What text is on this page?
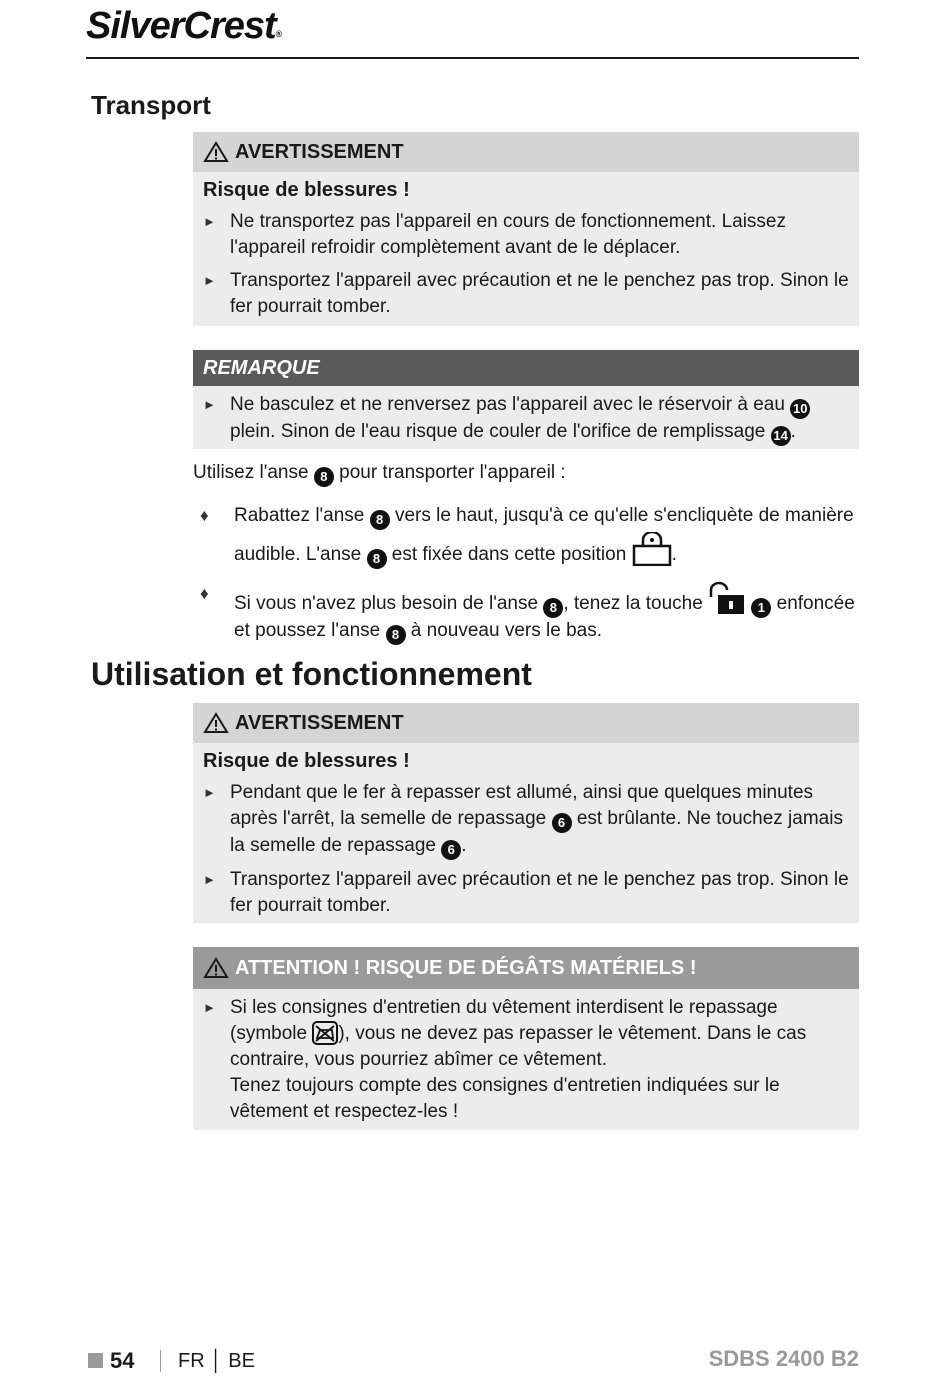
SilverCrest®
Transport
AVERTISSEMENT
Risque de blessures !
► Ne transportez pas l'appareil en cours de fonctionnement. Laissez l'appareil refroidir complètement avant de le déplacer.
► Transportez l'appareil avec précaution et ne le penchez pas trop. Sinon le fer pourrait tomber.
REMARQUE
► Ne basculez et ne renversez pas l'appareil avec le réservoir à eau 10 plein. Sinon de l'eau risque de couler de l'orifice de remplissage 14 .
Utilisez l'anse 8 pour transporter l'appareil :
♦ Rabattez l'anse 8 vers le haut, jusqu'à ce qu'elle s'encliquète de manière audible. L'anse 8 est fixée dans cette position .
♦ Si vous n'avez plus besoin de l'anse 8 , tenez la touche	1 enfoncée et poussez l'anse 8 à nouveau vers le bas.
Utilisation et fonctionnement
AVERTISSEMENT
Risque de blessures !
► Pendant que le fer à repasser est allumé, ainsi que quelques minutes après l'arrêt, la semelle de repassage 6 est brûlante. Ne touchez jamais la semelle de repassage 6 .
► Transportez l'appareil avec précaution et ne le penchez pas trop. Sinon le fer pourrait tomber.
ATTENTION ! RISQUE DE DÉGÂTS MATÉRIELS !
► Si les consignes d'entretien du vêtement interdisent le repassage (symbole ), vous ne devez pas repasser le vêtement. Dans le cas contraire, vous pourriez abîmer ce vêtement.
Tenez toujours compte des consignes d'entretien indiquées sur le vêtement et respectez-les !
54 FR │ BE	SDBS 2400 B2
